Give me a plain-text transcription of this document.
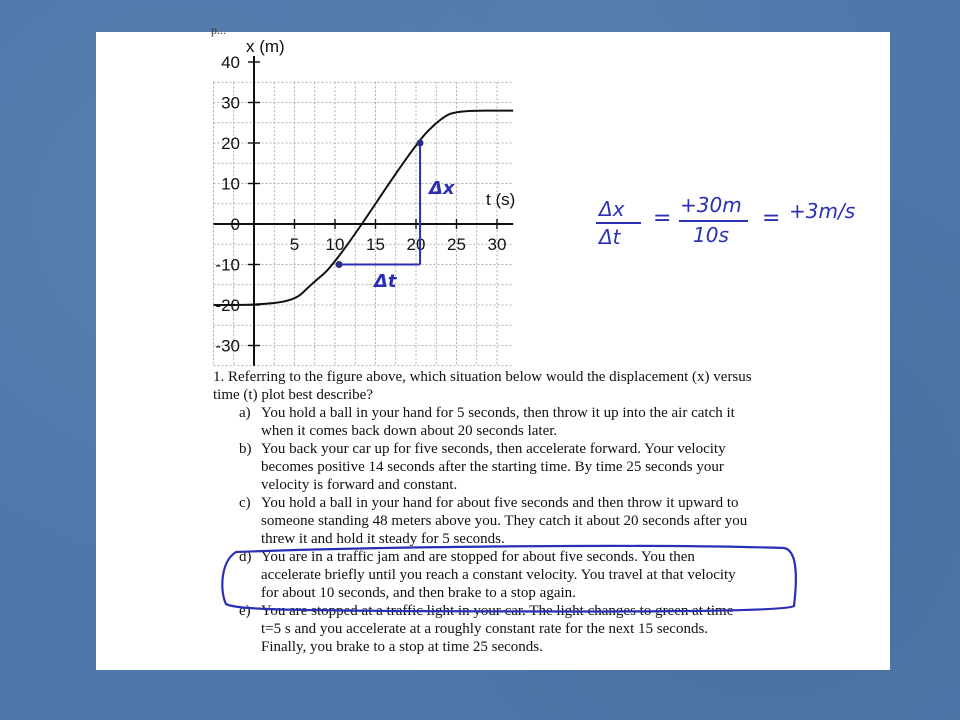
p...
5 10 15 20 25 30
40
30
20
10
0
-10
-20
-30
x (m)
t (s)
Δx
Δt
Δx
Δt
=
+30m
10s
= +3m/s
1. Referring to the figure above, which situation below would the displacement (x) versus
time (t) plot best describe?
a) You hold a ball in your hand for 5 seconds, then throw it up into the air catch it
when it comes back down about 20 seconds later.
b) You back your car up for five seconds, then accelerate forward. Your velocity
becomes positive 14 seconds after the starting time. By time 25 seconds your
velocity is forward and constant.
c) You hold a ball in your hand for about five seconds and then throw it upward to
someone standing 48 meters above you. They catch it about 20 seconds after you
threw it and hold it steady for 5 seconds.
d) You are in a traffic jam and are stopped for about five seconds. You then
accelerate briefly until you reach a constant velocity. You travel at that velocity
for about 10 seconds, and then brake to a stop again.
e) You are stopped at a traffic light in your car. The light changes to green at time
t=5 s and you accelerate at a roughly constant rate for the next 15 seconds.
Finally, you brake to a stop at time 25 seconds.
